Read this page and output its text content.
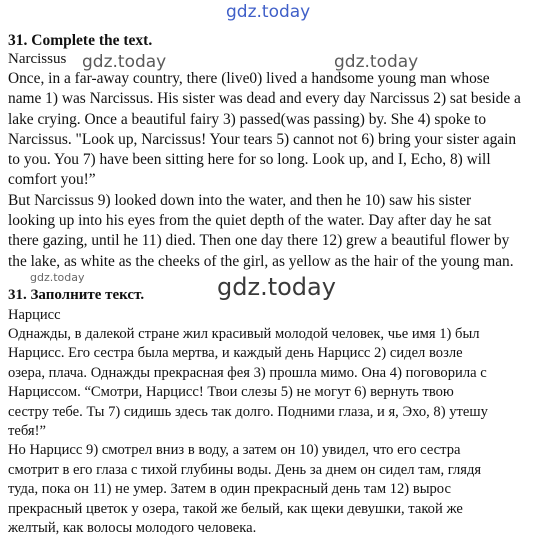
gdz.today
gdz.today	gdz.today
gdz.today	gdz.today

31. Complete the text.

Narcissus

Once, in a far-away country, there (live0) lived a handsome young man whose
name 1) was Narcissus. His sister was dead and every day Narcissus 2) sat beside a
lake crying. Once a beautiful fairy 3) passed(was passing) by. She 4) spoke to
Narcissus. "Look up, Narcissus! Your tears 5) cannot not 6) bring your sister again
to you. You 7) have been sitting here for so long. Look up, and I, Echo, 8) will
comfort you!”
But Narcissus 9) looked down into the water, and then he 10) saw his sister
looking up into his eyes from the quiet depth of the water. Day after day he sat
there gazing, until he 11) died. Then one day there 12) grew a beautiful flower by
the lake, as white as the cheeks of the girl, as yellow as the hair of the young man.

31. Заполните текст.

Нарцисс

Однажды, в далекой стране жил красивый молодой человек, чье имя 1) был
Нарцисс. Его сестра была мертва, и каждый день Нарцисс 2) сидел возле
озера, плача. Однажды прекрасная фея 3) прошла мимо. Она 4) поговорила с
Нарциссом. “Смотри, Нарцисс! Твои слезы 5) не могут 6) вернуть твою
сестру тебе. Ты 7) сидишь здесь так долго. Подними глаза, и я, Эхо, 8) утешу
тебя!”
Но Нарцисс 9) смотрел вниз в воду, а затем он 10) увидел, что его сестра
смотрит в его глаза с тихой глубины воды. День за днем он сидел там, глядя
туда, пока он 11) не умер. Затем в один прекрасный день там 12) вырос
прекрасный цветок у озера, такой же белый, как щеки девушки, такой же
желтый, как волосы молодого человека.
